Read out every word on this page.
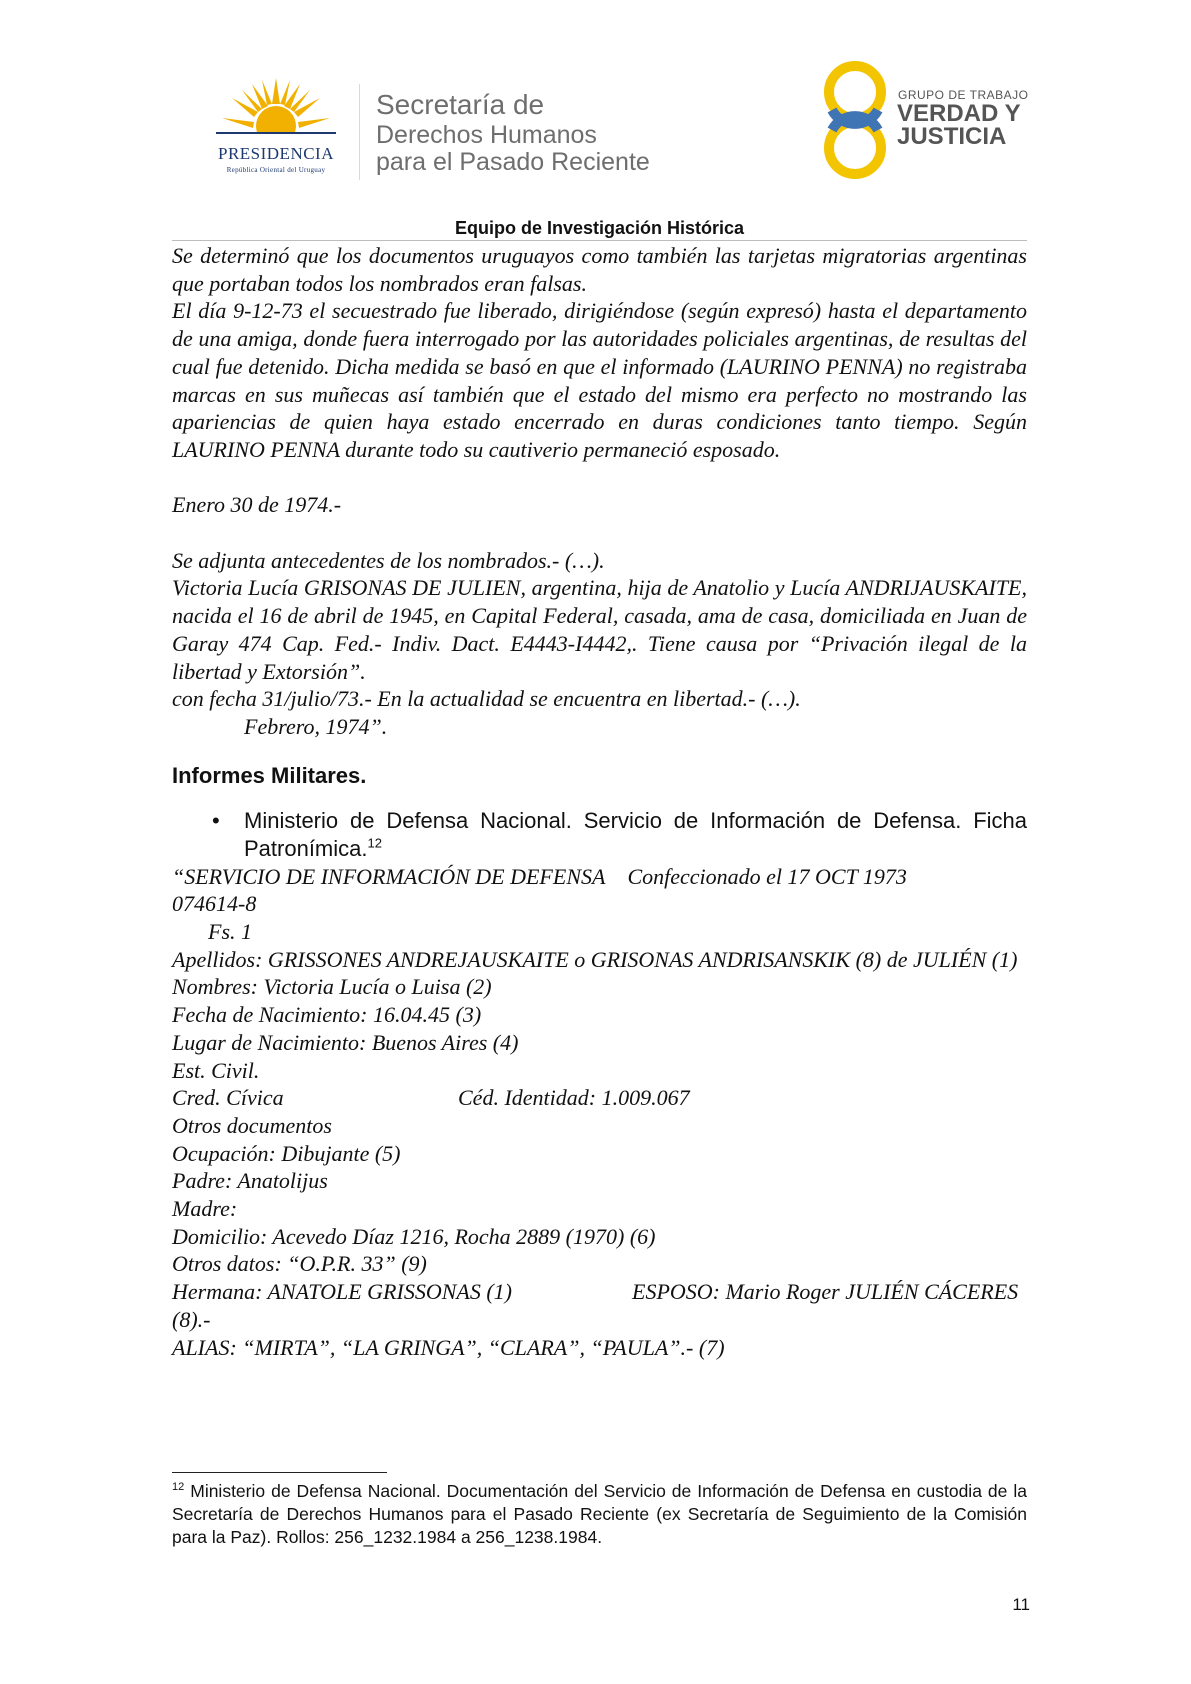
PRESIDENCIA
República Oriental del Uruguay
Secretaría de
Derechos Humanos
para el Pasado Reciente
GRUPO DE TRABAJO
VERDAD Y
JUSTICIA
Equipo de Investigación Histórica

Se determinó que los documentos uruguayos como también las tarjetas migratorias argentinas que portaban todos los nombrados eran falsas.

El día 9-12-73 el secuestrado fue liberado, dirigiéndose (según expresó) hasta el departamento de una amiga, donde fuera interrogado por las autoridades policiales argentinas, de resultas del cual fue detenido. Dicha medida se basó en que el informado (LAURINO PENNA) no registraba marcas en sus muñecas así también que el estado del mismo era perfecto no mostrando las apariencias de quien haya estado encerrado en duras condiciones tanto tiempo. Según LAURINO PENNA durante todo su cautiverio permaneció esposado.

Enero 30 de 1974.-

Se adjunta antecedentes de los nombrados.- (…).

Victoria Lucía GRISONAS DE JULIEN, argentina, hija de Anatolio y Lucía ANDRIJAUSKAITE, nacida el 16 de abril de 1945, en Capital Federal, casada, ama de casa, domiciliada en Juan de Garay 474 Cap. Fed.- Indiv. Dact. E4443-I4442,. Tiene causa por “Privación ilegal de la libertad y Extorsión”.

con fecha 31/julio/73.- En la actualidad se encuentra en libertad.- (…).

Febrero, 1974”.

Informes Militares.

• Ministerio de Defensa Nacional. Servicio de Información de Defensa. Ficha Patronímica.$^{12}$

“SERVICIO DE INFORMACIÓN DE DEFENSA Confeccionado el 17 OCT 1973

074614-8

Fs. 1

Apellidos: GRISSONES ANDREJAUSKAITE o GRISONAS ANDRISANSKIK (8) de JULIÉN (1)

Nombres: Victoria Lucía o Luisa (2)

Fecha de Nacimiento: 16.04.45 (3)

Lugar de Nacimiento: Buenos Aires (4)

Est. Civil.

Cred. Cívica	Céd. Identidad: 1.009.067

Otros documentos

Ocupación: Dibujante (5)

Padre: Anatolijus

Madre:

Domicilio: Acevedo Díaz 1216, Rocha 2889 (1970) (6)

Otros datos: “O.P.R. 33” (9)

Hermana: ANATOLE GRISSONAS (1)	ESPOSO: Mario Roger JULIÉN CÁCERES

(8).-

ALIAS: “MIRTA”, “LA GRINGA”, “CLARA”, “PAULA”.- (7)

$^{12}$ Ministerio de Defensa Nacional. Documentación del Servicio de Información de Defensa en custodia de la Secretaría de Derechos Humanos para el Pasado Reciente (ex Secretaría de Seguimiento de la Comisión para la Paz). Rollos: 256_1232.1984 a 256_1238.1984.

11
